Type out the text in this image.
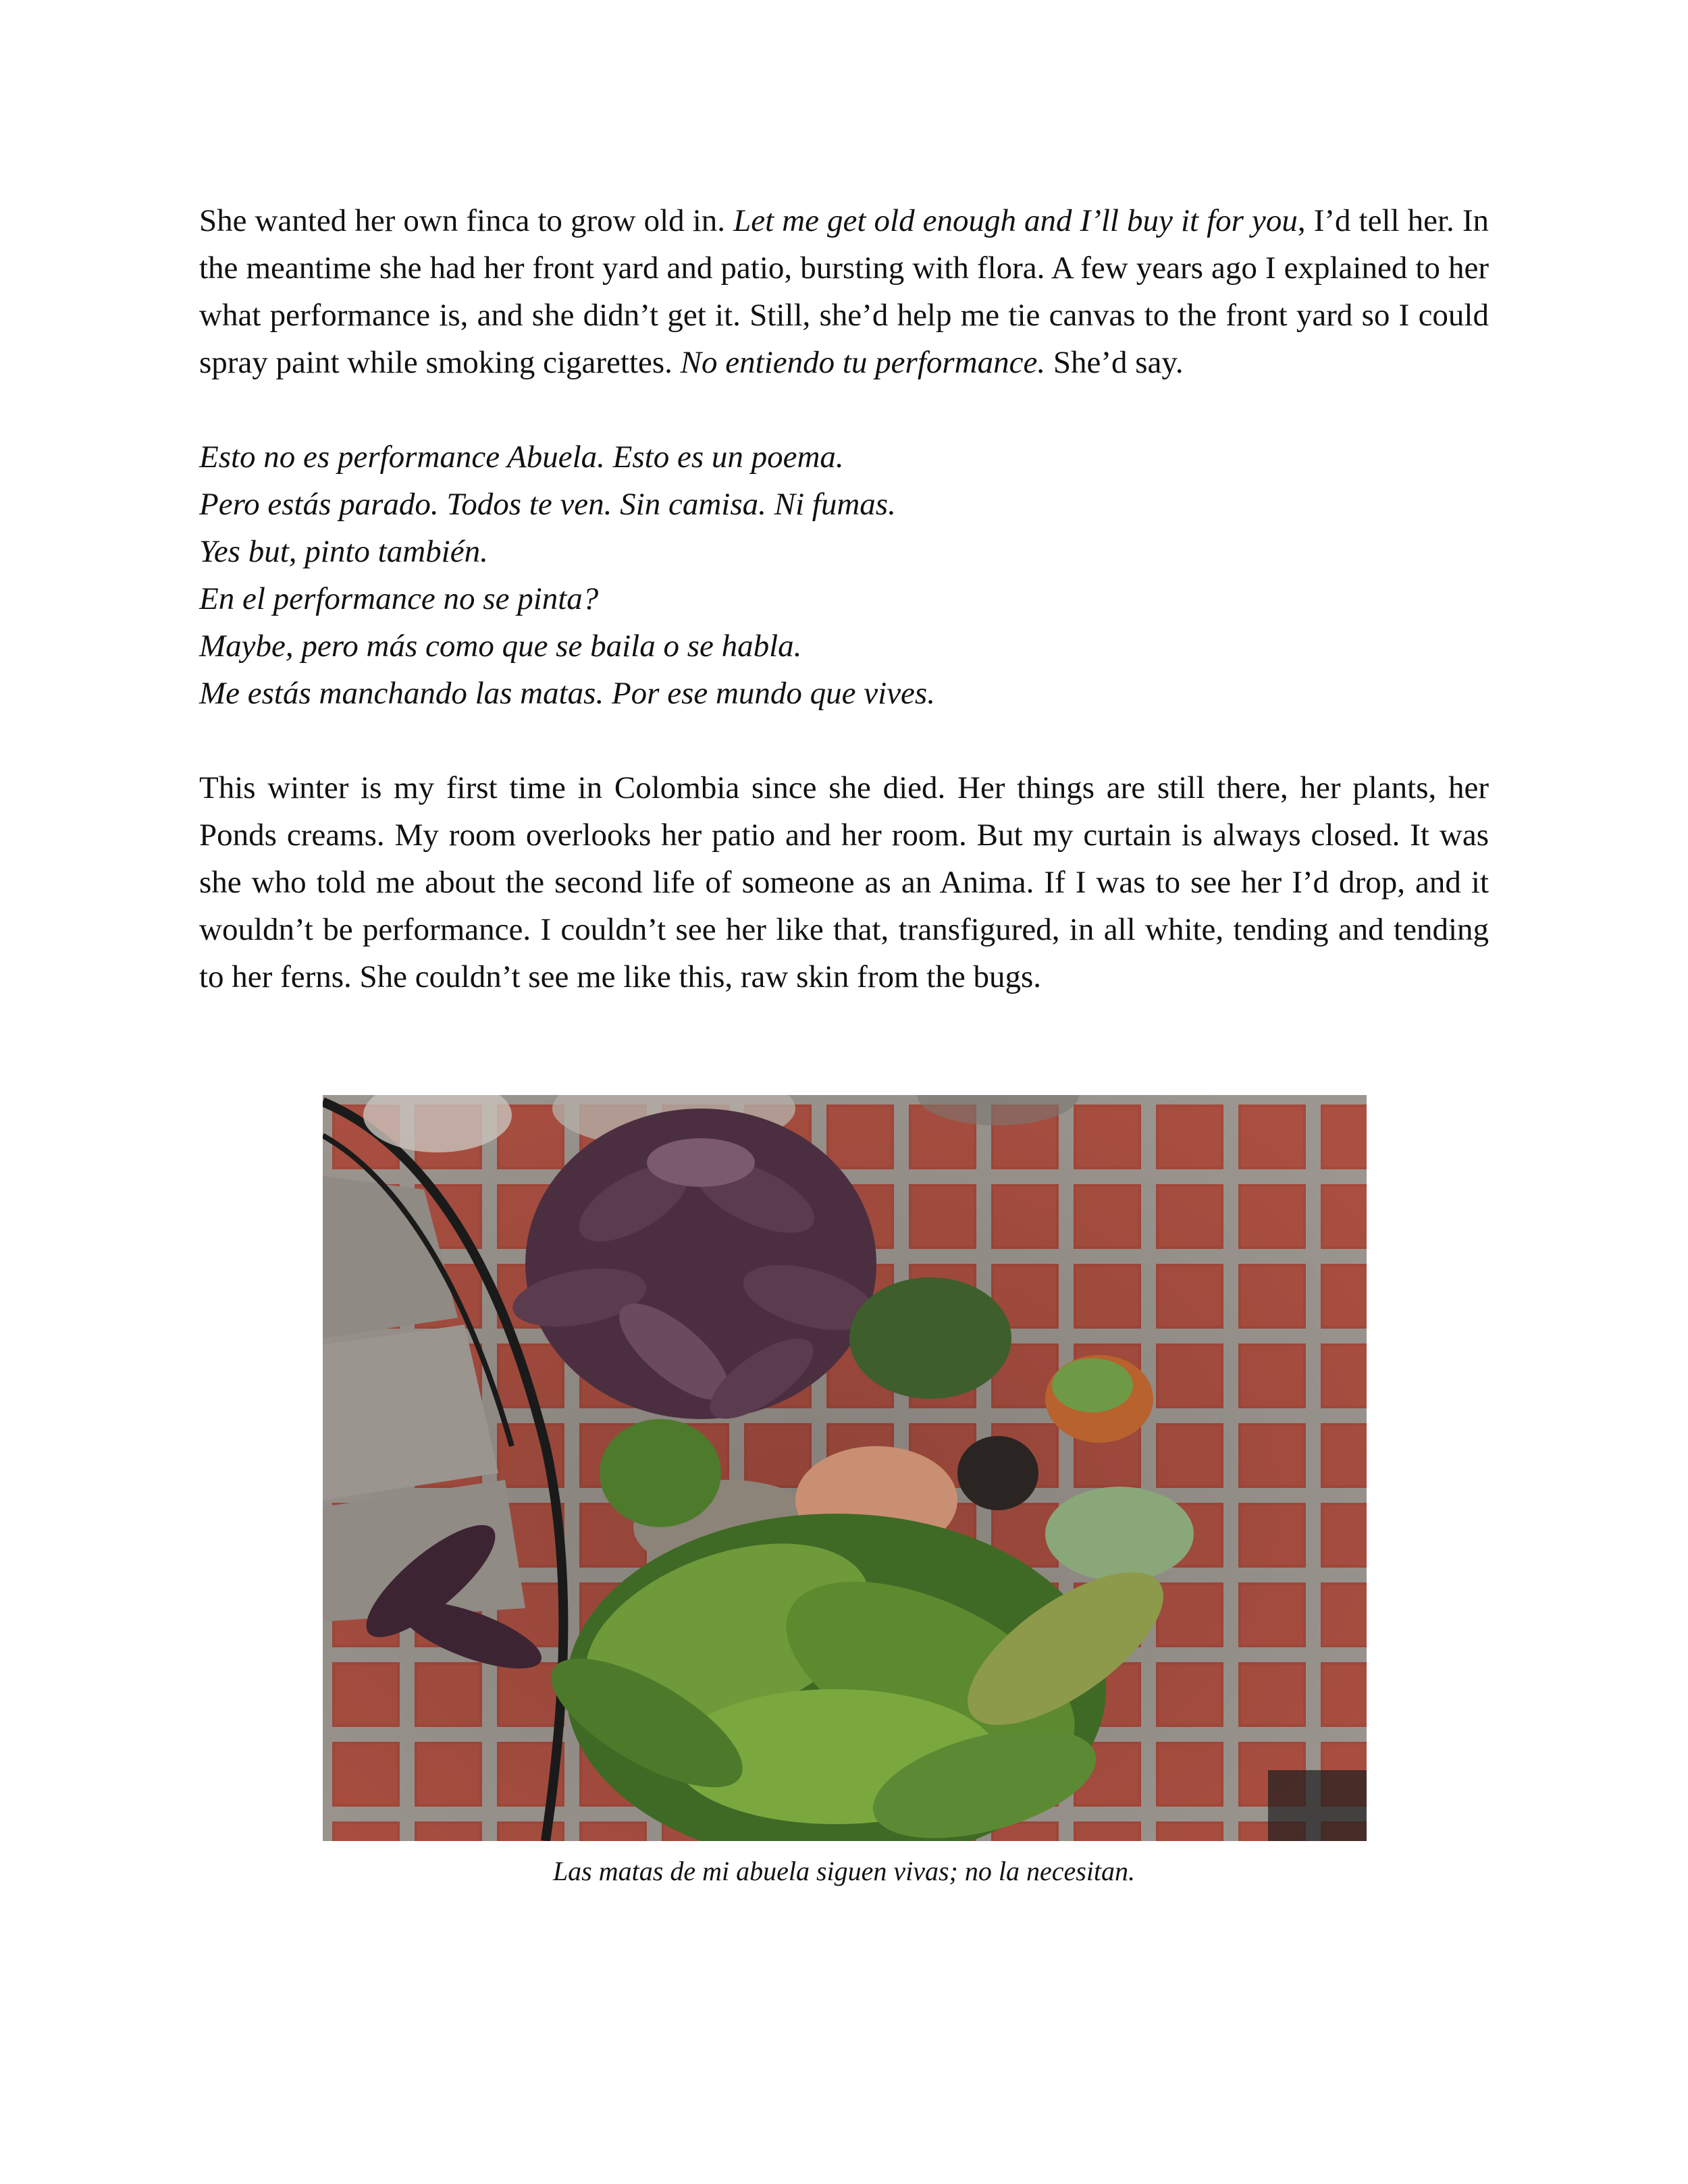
She wanted her own finca to grow old in. Let me get old enough and I’ll buy it for you, I’d tell her. In the meantime she had her front yard and patio, bursting with flora. A few years ago I explained to her what performance is, and she didn’t get it. Still, she’d help me tie canvas to the front yard so I could spray paint while smoking cigarettes. No entiendo tu performance. She’d say.

Esto no es performance Abuela. Esto es un poema.
Pero estás parado. Todos te ven. Sin camisa. Ni fumas.
Yes but, pinto también.
En el performance no se pinta?
Maybe, pero más como que se baila o se habla.
Me estás manchando las matas. Por ese mundo que vives.

This winter is my first time in Colombia since she died. Her things are still there, her plants, her Ponds creams. My room overlooks her patio and her room. But my curtain is always closed. It was she who told me about the second life of someone as an Anima. If I was to see her I’d drop, and it wouldn’t be performance. I couldn’t see her like that, transfigured, in all white, tending and tending to her ferns. She couldn’t see me like this, raw skin from the bugs.

Las matas de mi abuela siguen vivas; no la necesitan.
